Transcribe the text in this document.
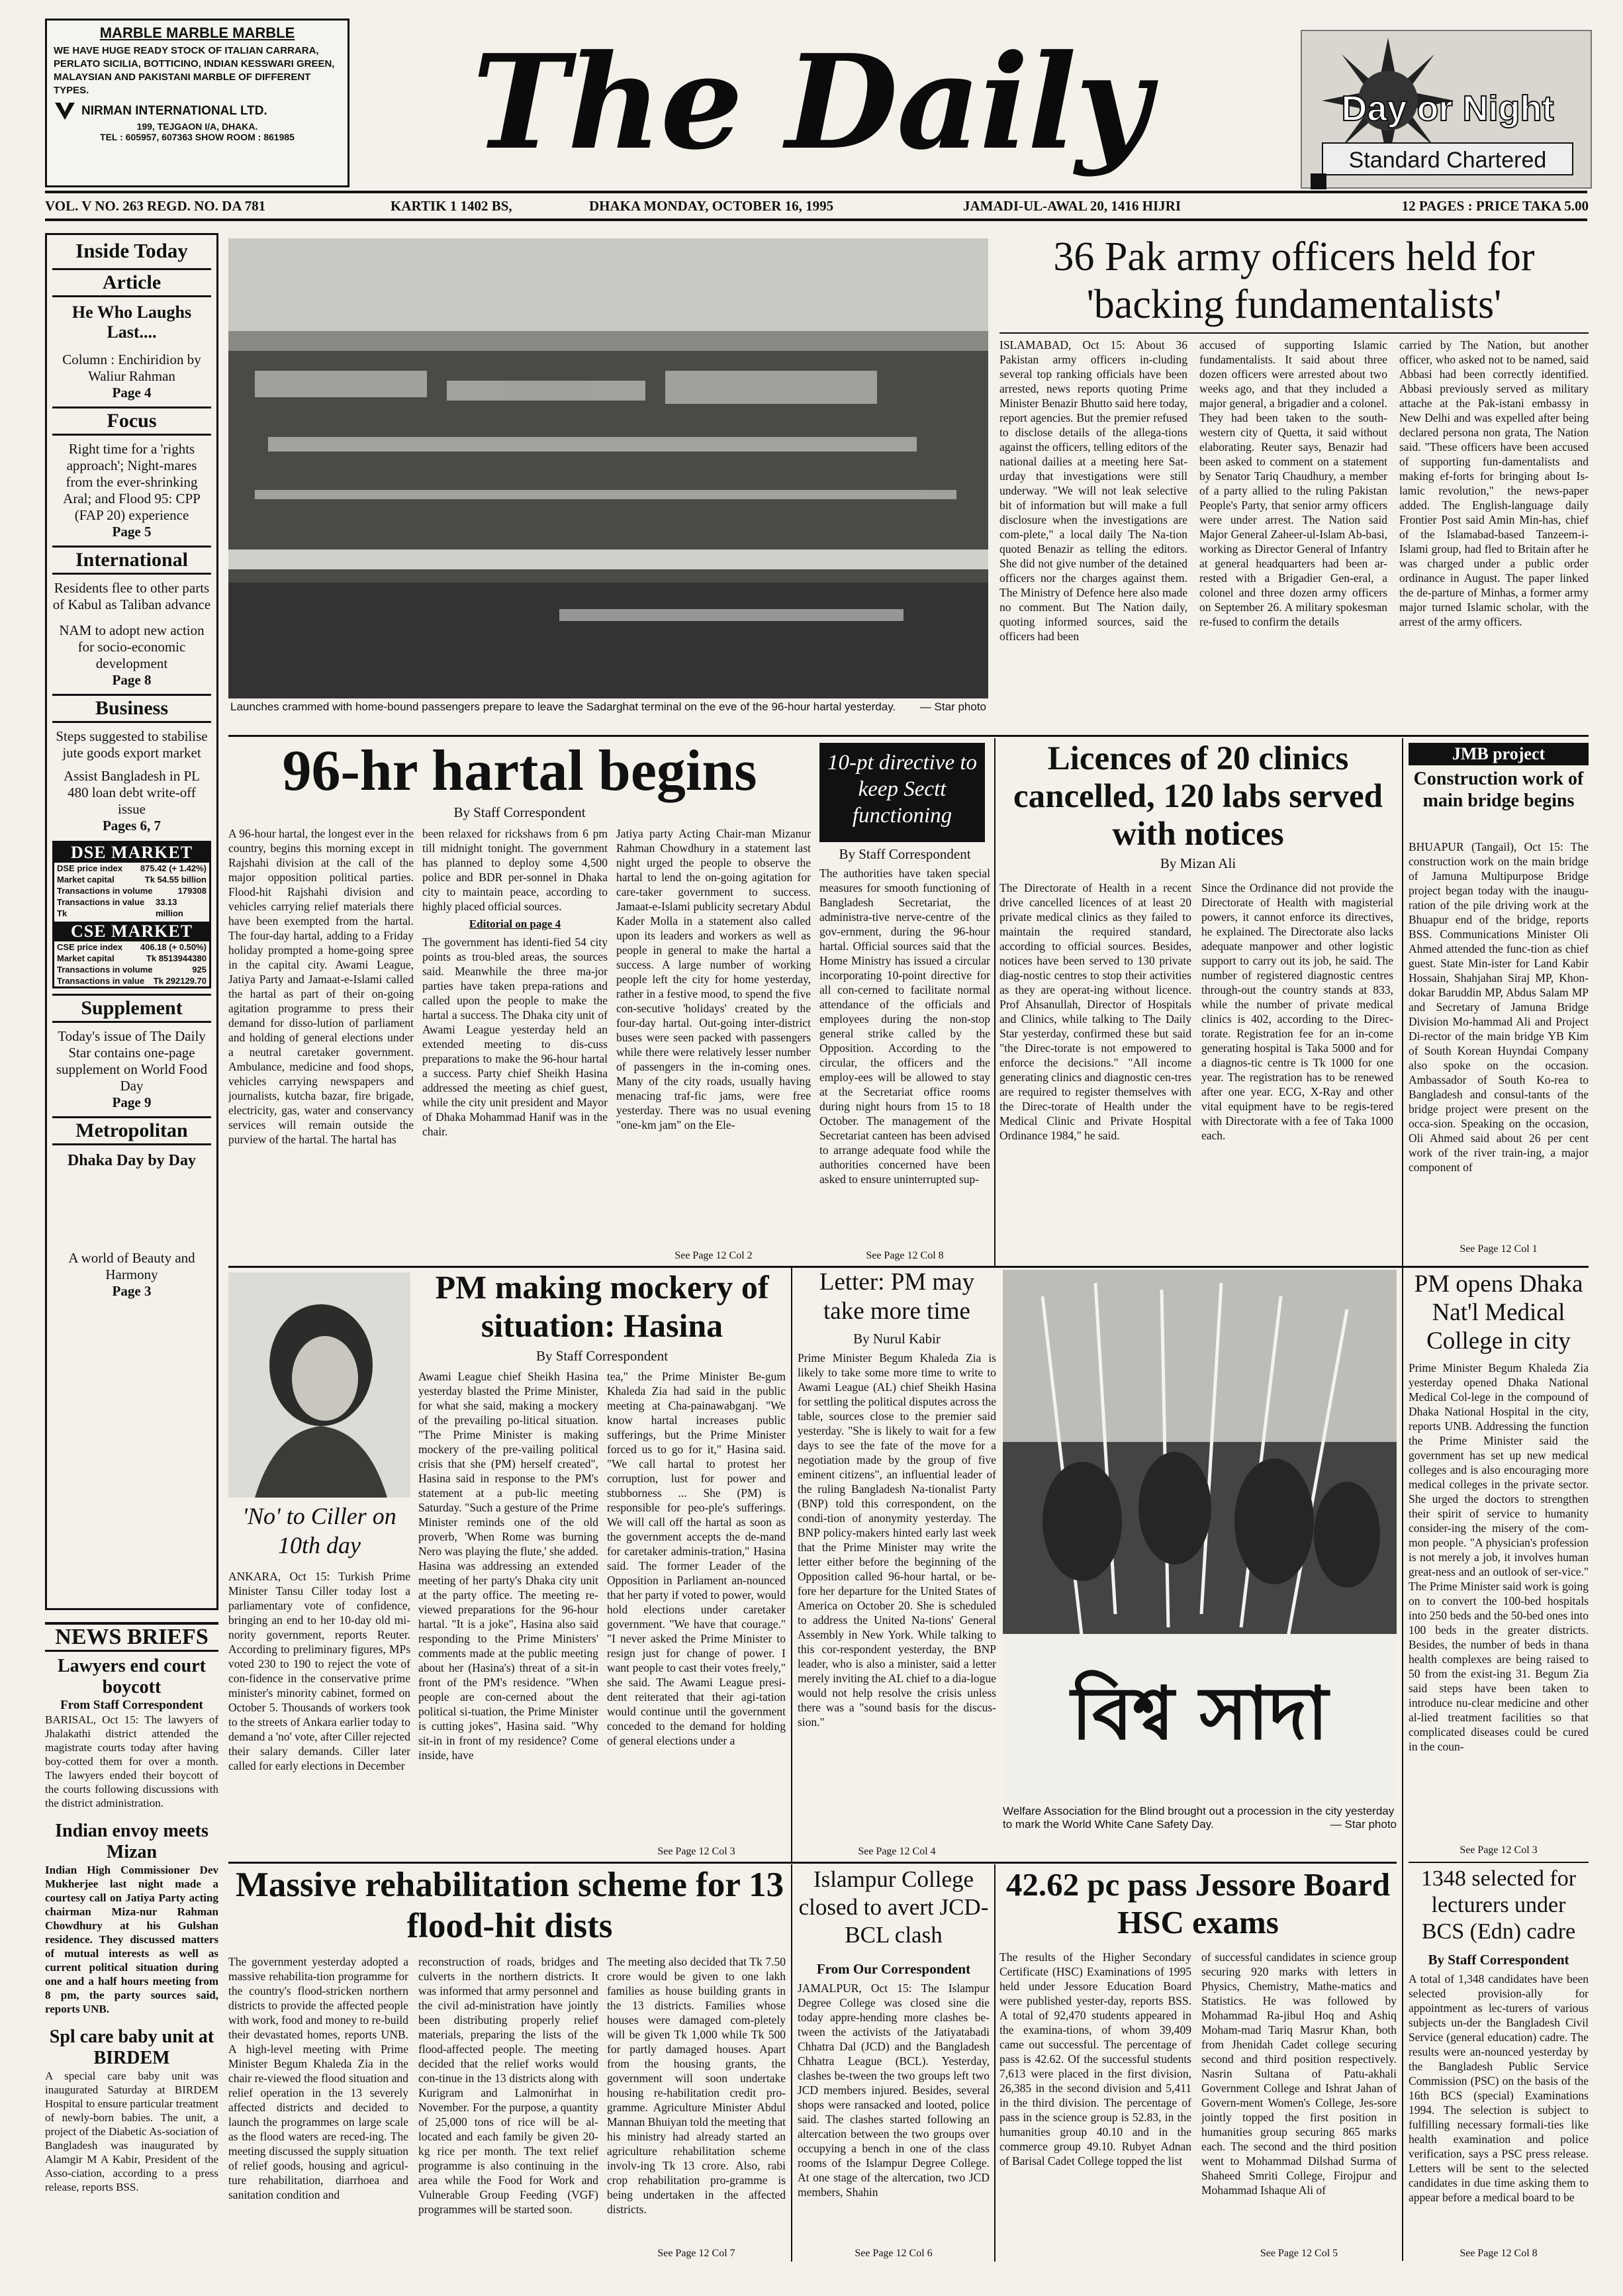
MARBLE MARBLE MARBLE
WE HAVE HUGE READY STOCK OF ITALIAN CARRARA, PERLATO SICILIA, BOTTICINO, INDIAN KESSWARI GREEN, MALAYSIAN AND PAKISTANI MARBLE OF DIFFERENT TYPES.
NIRMAN INTERNATIONAL LTD.
199, TEJGAON I/A, DHAKA.
TEL : 605957, 607363 SHOW ROOM : 861985	The Daily	Day or Night
Standard Chartered
VOL. V NO. 263 REGD. NO. DA 781	KARTIK 1 1402 BS,	DHAKA MONDAY, OCTOBER 16, 1995	JAMADI-UL-AWAL 20, 1416 HIJRI	12 PAGES : PRICE TAKA 5.00
Inside Today
Article
He Who Laughs Last....
Column : Enchiridion by Waliur Rahman
Page 4
Focus
Right time for a 'rights approach'; Night-mares from the ever-shrinking Aral; and Flood 95: CPP (FAP 20) experience
Page 5
International
Residents flee to other parts of Kabul as Taliban advance
NAM to adopt new action for socio-economic development
Page 8
Business
Steps suggested to stabilise jute goods export market
Assist Bangladesh in PL 480 loan debt write-off issue
Pages 6, 7
DSE MARKET
DSE price index 875.42 (+ 1.42%)
Market capital	Tk 54.55 billion
Transactions in volume	179308
Transactions in value Tk
33.13 million
CSE MARKET
CSE price index 406.18 (+ 0.50%)
Market capital	Tk 8513944380
Transactions in volume	925
Transactions in value Tk 292129.70
Supplement
Today's issue of The Daily Star contains one-page supplement on World Food Day
Page 9
Metropolitan
Dhaka Day by Day
A world of Beauty and Harmony
Page 3
NEWS BRIEFS
Lawyers end court boycott
From Staff Correspondent
BARISAL, Oct 15: The lawyers of Jhalakathi district attended the magistrate courts today after having boy-cotted them for over a month. The lawyers ended their boycott of the courts following discussions with the district administration.
Indian envoy meets Mizan
Indian High Commissioner Dev Mukherjee last night made a courtesy call on Jatiya Party acting chairman Miza-nur Rahman Chowdhury at his Gulshan residence. They discussed matters of mutual interests as well as current political situation during one and a half hours meeting from 8 pm, the party sources said, reports UNB.
Spl care baby unit at BIRDEM
A special care baby unit was inaugurated Saturday at BIRDEM Hospital to ensure particular treatment of newly-born babies. The unit, a project of the Diabetic As-sociation of Bangladesh was inaugurated by Alamgir M A Kabir, President of the Asso-ciation, according to a press release, reports BSS.
Launches crammed with home-bound passengers prepare to leave the Sadarghat terminal on the eve of the 96-hour hartal yesterday. — Star photo
36 Pak army officers held for 'backing fundamentalists'
ISLAMABAD, Oct 15: About 36 Pakistan army officers in-cluding several top ranking officials have been arrested, news reports quoting Prime Minister Benazir Bhutto said here today, report agencies. But the premier refused to disclose details of the allega-tions against the officers, telling editors of the national dailies at a meeting here Sat-urday that investigations were still underway. "We will not leak selective bit of information but will make a full disclosure when the investigations are com-plete," a local daily The Na-tion quoted Benazir as telling the editors. She did not give number of the detained officers nor the charges against them. The Ministry of Defence here also made no comment. But The Nation daily, quoting informed sources, said the officers had been
accused of supporting Islamic fundamentalists. It said about three dozen officers were arrested about two weeks ago, and that they included a major general, a brigadier and a colonel. They had been taken to the south-western city of Quetta, it said without elaborating. Reuter says, Benazir had been asked to comment on a statement by Senator Tariq Chaudhury, a member of a party allied to the ruling Pakistan People's Party, that senior army officers were under arrest. The Nation said Major General Zaheer-ul-Islam Ab-basi, working as Director General of Infantry at general headquarters had been ar-rested with a Brigadier Gen-eral, a colonel and three dozen army officers on September 26. A military spokesman re-fused to confirm the details
carried by The Nation, but another officer, who asked not to be named, said Abbasi had been correctly identified. Abbasi previously served as military attache at the Pak-istani embassy in New Delhi and was expelled after being declared persona non grata, The Nation said. "These officers have been accused of supporting fun-damentalists and making ef-forts for bringing about Is-lamic revolution," the news-paper added. The English-language daily Frontier Post said Amin Min-has, chief of the Islamabad-based Tanzeem-i-Islami group, had fled to Britain after he was charged under a public order ordinance in August. The paper linked the de-parture of Minhas, a former army major turned Islamic scholar, with the arrest of the army officers.
96-hr hartal begins
By Staff Correspondent
A 96-hour hartal, the longest ever in the country, begins this morning except in Rajshahi division at the call of the major opposition political parties. Flood-hit Rajshahi division and vehicles carrying relief materials there have been exempted from the hartal. The four-day hartal, adding to a Friday holiday prompted a home-going spree in the capital city. Awami League, Jatiya Party and Jamaat-e-Islami called the hartal as part of their on-going agitation programme to press their demand for disso-lution of parliament and holding of general elections under a neutral caretaker government. Ambulance, medicine and food shops, vehicles carrying newspapers and journalists, kutcha bazar, fire brigade, electricity, gas, water and conservancy services will remain outside the purview of the hartal. The hartal has
been relaxed for rickshaws from 6 pm till midnight tonight. The government has planned to deploy some 4,500 police and BDR per-sonnel in Dhaka city to maintain peace, according to highly placed official sources.
Editorial on page 4
The government has identi-fied 54 city points as trou-bled areas, the sources said. Meanwhile the three ma-jor parties have taken prepa-rations and called upon the people to make the hartal a success. The Dhaka city unit of Awami League yesterday held an extended meeting to dis-cuss preparations to make the 96-hour hartal a success. Party chief Sheikh Hasina addressed the meeting as chief guest, while the city unit president and Mayor of Dhaka Mohammad Hanif was in the chair.
Jatiya party Acting Chair-man Mizanur Rahman Chowdhury in a statement last night urged the people to observe the hartal to lend the on-going agitation for care-taker government to success. Jamaat-e-Islami publicity secretary Abdul Kader Molla in a statement also called upon its leaders and workers as well as people in general to make the hartal a success. A large number of working people left the city for home yesterday, rather in a festive mood, to spend the five con-secutive 'holidays' created by the four-day hartal. Out-going inter-district buses were seen packed with passengers while there were relatively lesser number of passengers in the in-coming ones. Many of the city roads, usually having menacing traf-fic jams, were free yesterday. There was no usual evening "one-km jam" on the Ele-
See Page 12 Col 2
10-pt directive to keep Sectt functioning
By Staff Correspondent
The authorities have taken special measures for smooth functioning of Bangladesh Secretariat, the administra-tive nerve-centre of the gov-ernment, during the 96-hour hartal. Official sources said that the Home Ministry has issued a circular incorporating 10-point directive for all con-cerned to facilitate normal attendance of the officials and employees during the non-stop general strike called by the Opposition. According to the circular, the officers and the employ-ees will be allowed to stay at the Secretariat office rooms during night hours from 15 to 18 October. The management of the Secretariat canteen has been advised to arrange adequate food while the authorities concerned have been asked to ensure uninterrupted sup-
See Page 12 Col 8
Licences of 20 clinics cancelled, 120 labs served with notices
By Mizan Ali
The Directorate of Health in a recent drive cancelled licences of at least 20 private medical clinics as they failed to maintain the required standard, according to official sources. Besides, notices have been served to 130 private diag-nostic centres to stop their activities as they are operat-ing without licence. Prof Ahsanullah, Director of Hospitals and Clinics, while talking to The Daily Star yesterday, confirmed these but said "the Direc-torate is not empowered to enforce the decisions." "All income generating clinics and diagnostic cen-tres are required to register themselves with the Direc-torate of Health under the Medical Clinic and Private Hospital Ordinance 1984," he said.
Since the Ordinance did not provide the Directorate of Health with magisterial powers, it cannot enforce its directives, he explained. The Directorate also lacks adequate manpower and other logistic support to carry out its job, he said. The number of registered diagnostic centres through-out the country stands at 833, while the number of private medical clinics is 402, according to the Direc-torate. Registration fee for an in-come generating hospital is Taka 5000 and for a diagnos-tic centre is Tk 1000 for one year. The registration has to be renewed after one year. ECG, X-Ray and other vital equipment have to be regis-tered with Directorate with a fee of Taka 1000 each.
JMB project
Construction work of main bridge begins
BHUAPUR (Tangail), Oct 15: The construction work on the main bridge of Jamuna Multipurpose Bridge project began today with the inaugu-ration of the pile driving work at the Bhuapur end of the bridge, reports BSS. Communications Minister Oli Ahmed attended the func-tion as chief guest. State Min-ister for Land Kabir Hossain, Shahjahan Siraj MP, Khon-dokar Baruddin MP, Abdus Salam MP and Secretary of Jamuna Bridge Division Mo-hammad Ali and Project Di-rector of the main bridge YB Kim of South Korean Huyndai Company also spoke on the occasion. Ambassador of South Ko-rea to Bangladesh and consul-tants of the bridge project were present on the occa-sion. Speaking on the occasion, Oli Ahmed said about 26 per cent work of the river train-ing, a major component of
See Page 12 Col 1
PM opens Dhaka Nat'l Medical College in city
Prime Minister Begum Khaleda Zia yesterday opened Dhaka National Medical Col-lege in the compound of Dhaka National Hospital in the city, reports UNB. Addressing the function the Prime Minister said the government has set up new medical colleges and is also encouraging more medical colleges in the private sector. She urged the doctors to strengthen their spirit of service to humanity consider-ing the misery of the com-mon people. "A physician's profession is not merely a job, it involves human great-ness and an outlook of ser-vice." The Prime Minister said work is going on to convert the 100-bed hospitals into 250 beds and the 50-bed ones into 100 beds in the greater districts. Besides, the number of beds in thana health complexes are being raised to 50 from the exist-ing 31. Begum Zia said steps have been taken to introduce nu-clear medicine and other al-lied treatment facilities so that complicated diseases could be cured in the coun-
See Page 12 Col 3
1348 selected for lecturers under BCS (Edn) cadre
By Staff Correspondent
A total of 1,348 candidates have been selected provision-ally for appointment as lec-turers of various subjects un-der the Bangladesh Civil Service (general education) cadre. The results were an-nounced yesterday by the Bangladesh Public Service Commission (PSC) on the basis of the 16th BCS (special) Examinations 1994. The selection is subject to fulfilling necessary formali-ties like health examination and police verification, says a PSC press release. Letters will be sent to the selected candidates in due time asking them to appear before a medical board to be
See Page 12 Col 8
'No' to Ciller on 10th day
ANKARA, Oct 15: Turkish Prime Minister Tansu Ciller today lost a parliamentary vote of confidence, bringing an end to her 10-day old mi-nority government, reports Reuter. According to preliminary figures, MPs voted 230 to 190 to reject the vote of con-fidence in the conservative prime minister's minority cabinet, formed on October 5. Thousands of workers took to the streets of Ankara earlier today to demand a 'no' vote, after Ciller rejected their salary demands. Ciller later called for early elections in December
PM making mockery of situation: Hasina
By Staff Correspondent
Awami League chief Sheikh Hasina yesterday blasted the Prime Minister, for what she said, making a mockery of the prevailing po-litical situation. "The Prime Minister is making mockery of the pre-vailing political crisis that she (PM) herself created", Hasina said in response to the PM's statement at a pub-lic meeting Saturday. "Such a gesture of the Prime Minister reminds one of the old proverb, 'When Rome was burning Nero was playing the flute,' she added. Hasina was addressing an extended meeting of her party's Dhaka city unit at the party office. The meeting re-viewed preparations for the 96-hour hartal. "It is a joke", Hasina also said responding to the Prime Ministers' comments made at the public meeting about her (Hasina's) threat of a sit-in front of the PM's residence. "When people are con-cerned about the political si-tuation, the Prime Minister is cutting jokes", Hasina said. "Why sit-in in front of my residence? Come inside, have
tea," the Prime Minister Be-gum Khaleda Zia had said in the public meeting at Cha-painawabganj. "We know hartal increases public sufferings, but the Prime Minister forced us to go for it," Hasina said. "We call hartal to protest her corruption, lust for power and stubborness ... She (PM) is responsible for peo-ple's sufferings. We will call off the hartal as soon as the government accepts the de-mand for caretaker adminis-tration," Hasina said. The former Leader of the Opposition in Parliament an-nounced that her party if voted to power, would hold elections under caretaker government. "We have that courage." "I never asked the Prime Minister to resign just for change of power. I want people to cast their votes freely," she said. The Awami League presi-dent reiterated that their agi-tation would continue until the government conceded to the demand for holding of general elections under a
See Page 12 Col 3
Letter: PM may take more time
By Nurul Kabir
Prime Minister Begum Khaleda Zia is likely to take some more time to write to Awami League (AL) chief Sheikh Hasina for settling the political disputes across the table, sources close to the premier said yesterday. "She is likely to wait for a few days to see the fate of the move for a negotiation made by the group of five eminent citizens", an influential leader of the ruling Bangladesh Na-tionalist Party (BNP) told this correspondent, on the condi-tion of anonymity yesterday. The BNP policy-makers hinted early last week that the Prime Minister may write the letter either before the beginning of the Opposition called 96-hour hartal, or be-fore her departure for the United States of America on October 20. She is scheduled to address the United Na-tions' General Assembly in New York. While talking to this cor-respondent yesterday, the BNP leader, who is also a minister, said a letter merely inviting the AL chief to a dia-logue would not help resolve the crisis unless there was a "sound basis for the discus-sion."
See Page 12 Col 4
বিশ্ব সাদা
Welfare Association for the Blind brought out a procession in the city yesterday to mark the World White Cane Safety Day.	— Star photo
Massive rehabilitation scheme for 13 flood-hit dists
The government yesterday adopted a massive rehabilita-tion programme for the country's flood-stricken northern districts to provide the affected people with work, food and money to re-build their devastated homes, reports UNB. A high-level meeting with Prime Minister Begum Khaleda Zia in the chair re-viewed the flood situation and relief operation in the 13 severely affected districts and decided to launch the programmes on large scale as the flood waters are reced-ing. The meeting discussed the supply situation of relief goods, housing and agricul-ture rehabilitation, diarrhoea and sanitation condition and
reconstruction of roads, bridges and culverts in the northern districts. It was informed that army personnel and the civil ad-ministration have jointly been distributing properly relief materials, preparing the lists of the flood-affected people. The meeting decided that the relief works would con-tinue in the 13 districts along with Kurigram and Lalmonirhat in November. For the purpose, a quantity of 25,000 tons of rice will be al-located and each family be given 20-kg rice per month. The text relief programme is also continuing in the area while the Food for Work and Vulnerable Group Feeding (VGF) programmes will be started soon.
The meeting also decided that Tk 7.50 crore would be given to one lakh families as house building grants in the 13 districts. Families whose houses were damaged com-pletely will be given Tk 1,000 while Tk 500 for partly damaged houses. Apart from the housing grants, the government will soon undertake housing re-habilitation credit pro-gramme. Agriculture Minister Abdul Mannan Bhuiyan told the meeting that his ministry had already started an agriculture rehabilitation scheme involv-ing Tk 13 crore. Also, rabi crop rehabilitation pro-gramme is being undertaken in the affected districts.
See Page 12 Col 7
Islampur College closed to avert JCD-BCL clash
From Our Correspondent
JAMALPUR, Oct 15: The Islampur Degree College was closed sine die today appre-hending more clashes be-tween the activists of the Jatiyatabadi Chhatra Dal (JCD) and the Bangladesh Chhatra League (BCL). Yesterday, clashes be-tween the two groups left two JCD members injured. Besides, several shops were ransacked and looted, police said. The clashes started following an altercation between the two groups over occupying a bench in one of the class rooms of the Islampur Degree College. At one stage of the altercation, two JCD members, Shahin
See Page 12 Col 6
42.62 pc pass Jessore Board HSC exams
The results of the Higher Secondary Certificate (HSC) Examinations of 1995 held under Jessore Education Board were published yester-day, reports BSS. A total of 92,470 students appeared in the examina-tions, of whom 39,409 came out successful. The percentage of pass is 42.62. Of the successful students 7,613 were placed in the first division, 26,385 in the second division and 5,411 in the third division. The percentage of pass in the science group is 52.83, in the humanities group 40.10 and in the commerce group 49.10. Rubyet Adnan of Barisal Cadet College topped the list
of successful candidates in science group securing 920 marks with letters in Physics, Chemistry, Mathe-matics and Statistics. He was followed by Mohammad Ra-jibul Hoq and Ashiq Moham-mad Tariq Masrur Khan, both from Jhenidah Cadet college securing second and third position respectively. Nasrin Sultana of Patu-akhali Government College and Ishrat Jahan of Govern-ment Women's College, Jes-sore jointly topped the first position in humanities group securing 865 marks each. The second and the third position went to Mohammad Dilshad Surma of Shaheed Smriti College, Firojpur and Mohammad Ishaque Ali of
See Page 12 Col 5
